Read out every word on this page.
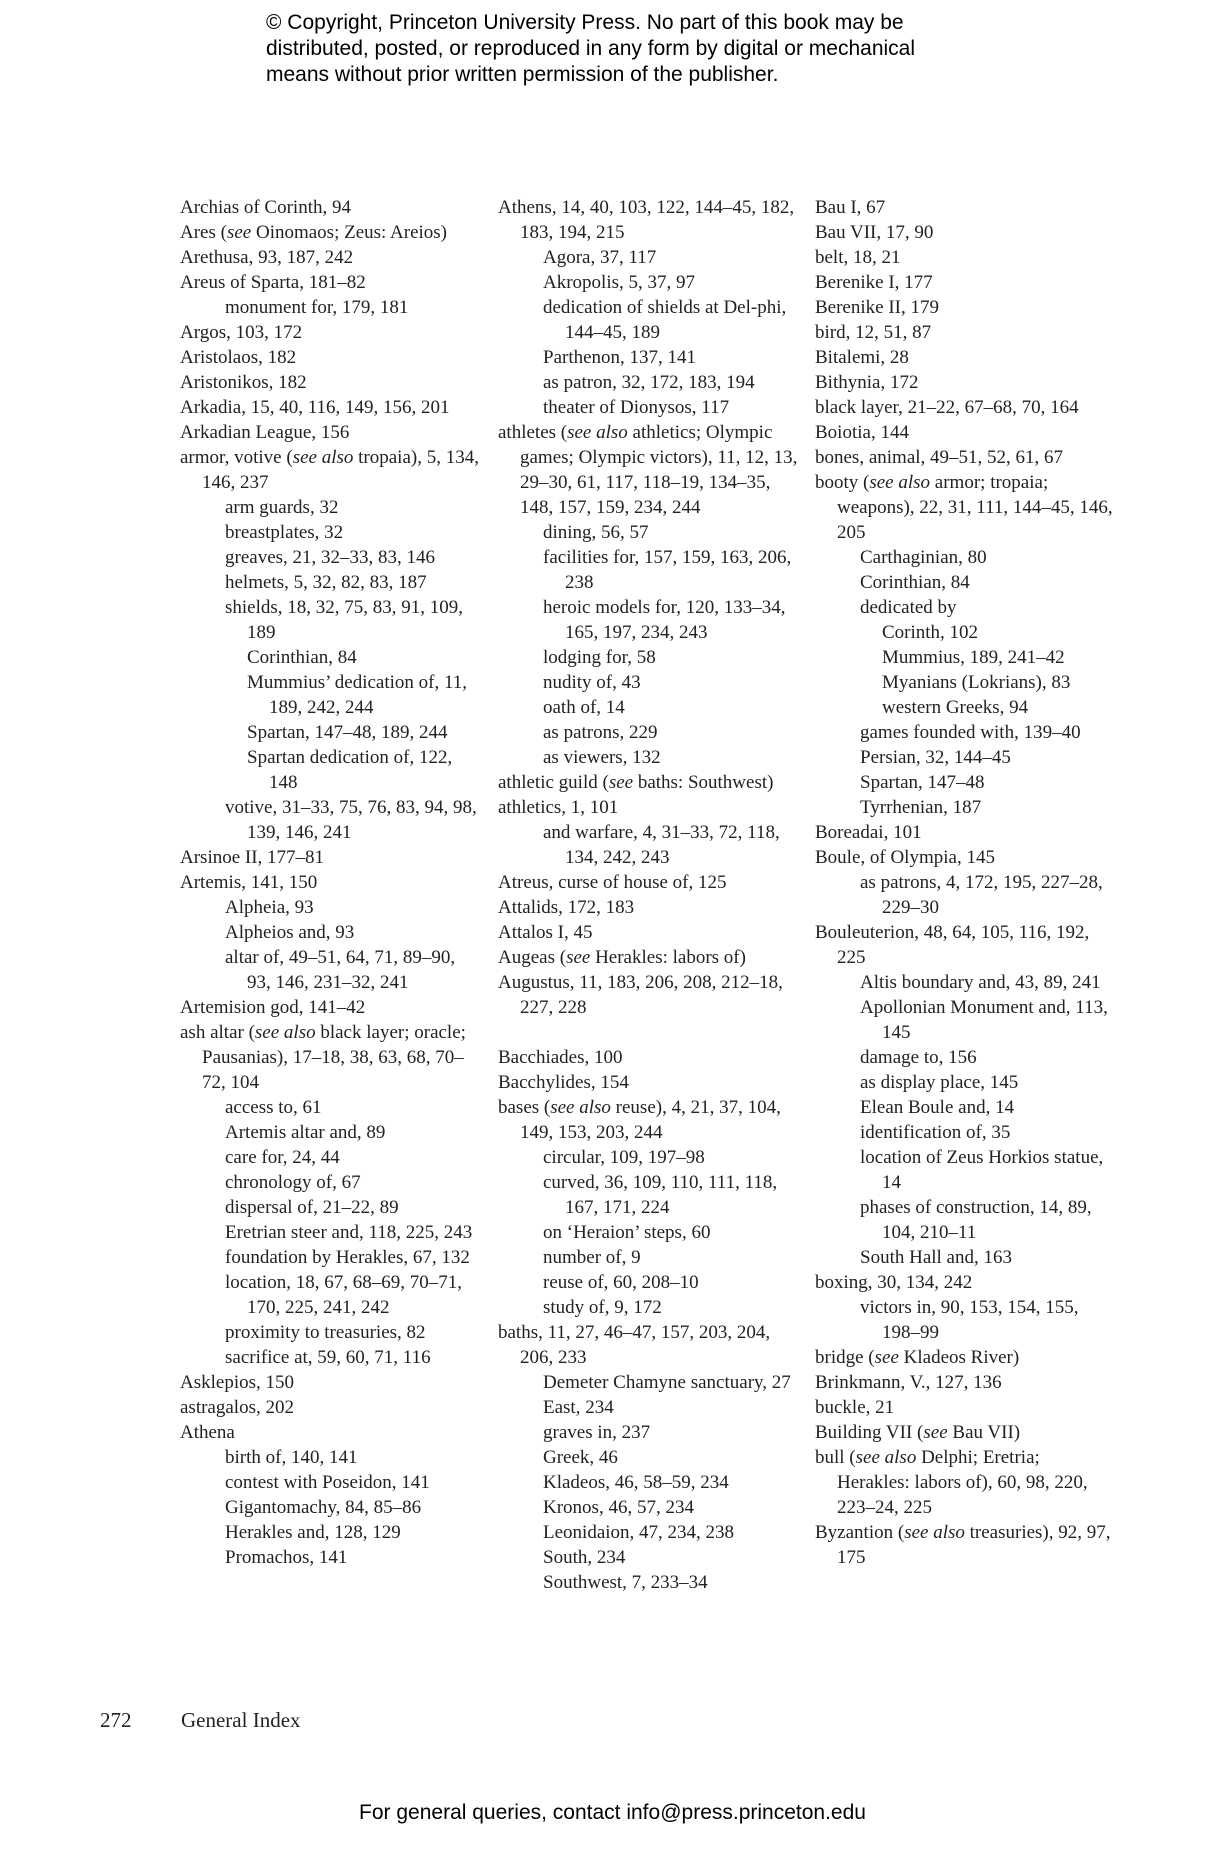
© Copyright, Princeton University Press. No part of this book may be
distributed, posted, or reproduced in any form by digital or mechanical
means without prior written permission of the publisher.

Archias of Corinth, 94

Ares (see Oinomaos; Zeus: Areios)

Arethusa, 93, 187, 242

Areus of Sparta, 181–82

monument for, 179, 181

Argos, 103, 172

Aristolaos, 182

Aristonikos, 182

Arkadia, 15, 40, 116, 149, 156, 201

Arkadian League, 156

armor, votive (see also tropaia), 5, 134, 146, 237

arm guards, 32

breastplates, 32

greaves, 21, 32–33, 83, 146

helmets, 5, 32, 82, 83, 187

shields, 18, 32, 75, 83, 91, 109, 189

Corinthian, 84

Mummius’ dedication of, 11, 189, 242, 244

Spartan, 147–48, 189, 244

Spartan dedication of, 122, 148

votive, 31–33, 75, 76, 83, 94, 98, 139, 146, 241

Arsinoe II, 177–81

Artemis, 141, 150

Alpheia, 93

Alpheios and, 93

altar of, 49–51, 64, 71, 89–90, 93, 146, 231–32, 241

Artemision god, 141–42

ash altar (see also black layer; oracle; Pausanias), 17–18, 38, 63, 68, 70–72, 104

access to, 61

Artemis altar and, 89

care for, 24, 44

chronology of, 67

dispersal of, 21–22, 89

Eretrian steer and, 118, 225, 243

foundation by Herakles, 67, 132

location, 18, 67, 68–69, 70–71, 170, 225, 241, 242

proximity to treasuries, 82

sacrifice at, 59, 60, 71, 116

Asklepios, 150

astragalos, 202

Athena

birth of, 140, 141

contest with Poseidon, 141

Gigantomachy, 84, 85–86

Herakles and, 128, 129

Promachos, 141

Athens, 14, 40, 103, 122, 144–45, 182, 183, 194, 215

Agora, 37, 117

Akropolis, 5, 37, 97

dedication of shields at Del-phi, 144–45, 189

Parthenon, 137, 141

as patron, 32, 172, 183, 194

theater of Dionysos, 117

athletes (see also athletics; Olympic games; Olympic victors), 11, 12, 13, 29–30, 61, 117, 118–19, 134–35, 148, 157, 159, 234, 244

dining, 56, 57

facilities for, 157, 159, 163, 206, 238

heroic models for, 120, 133–34, 165, 197, 234, 243

lodging for, 58

nudity of, 43

oath of, 14

as patrons, 229

as viewers, 132

athletic guild (see baths: Southwest)

athletics, 1, 101

and warfare, 4, 31–33, 72, 118, 134, 242, 243

Atreus, curse of house of, 125

Attalids, 172, 183

Attalos I, 45

Augeas (see Herakles: labors of)

Augustus, 11, 183, 206, 208, 212–18, 227, 228

Bacchiades, 100

Bacchylides, 154

bases (see also reuse), 4, 21, 37, 104, 149, 153, 203, 244

circular, 109, 197–98

curved, 36, 109, 110, 111, 118, 167, 171, 224

on ‘Heraion’ steps, 60

number of, 9

reuse of, 60, 208–10

study of, 9, 172

baths, 11, 27, 46–47, 157, 203, 204, 206, 233

Demeter Chamyne sanctuary, 27

East, 234

graves in, 237

Greek, 46

Kladeos, 46, 58–59, 234

Kronos, 46, 57, 234

Leonidaion, 47, 234, 238

South, 234

Southwest, 7, 233–34

Bau I, 67

Bau VII, 17, 90

belt, 18, 21

Berenike I, 177

Berenike II, 179

bird, 12, 51, 87

Bitalemi, 28

Bithynia, 172

black layer, 21–22, 67–68, 70, 164

Boiotia, 144

bones, animal, 49–51, 52, 61, 67

booty (see also armor; tropaia; weapons), 22, 31, 111, 144–45, 146, 205

Carthaginian, 80

Corinthian, 84

dedicated by

Corinth, 102

Mummius, 189, 241–42

Myanians (Lokrians), 83

western Greeks, 94

games founded with, 139–40

Persian, 32, 144–45

Spartan, 147–48

Tyrrhenian, 187

Boreadai, 101

Boule, of Olympia, 145

as patrons, 4, 172, 195, 227–28, 229–30

Bouleuterion, 48, 64, 105, 116, 192, 225

Altis boundary and, 43, 89, 241

Apollonian Monument and, 113, 145

damage to, 156

as display place, 145

Elean Boule and, 14

identification of, 35

location of Zeus Horkios statue, 14

phases of construction, 14, 89, 104, 210–11

South Hall and, 163

boxing, 30, 134, 242

victors in, 90, 153, 154, 155, 198–99

bridge (see Kladeos River)

Brinkmann, V., 127, 136

buckle, 21

Building VII (see Bau VII)

bull (see also Delphi; Eretria; Herakles: labors of), 60, 98, 220, 223–24, 225

Byzantion (see also treasuries), 92, 97, 175

272 General Index
For general queries, contact info@press.princeton.edu
